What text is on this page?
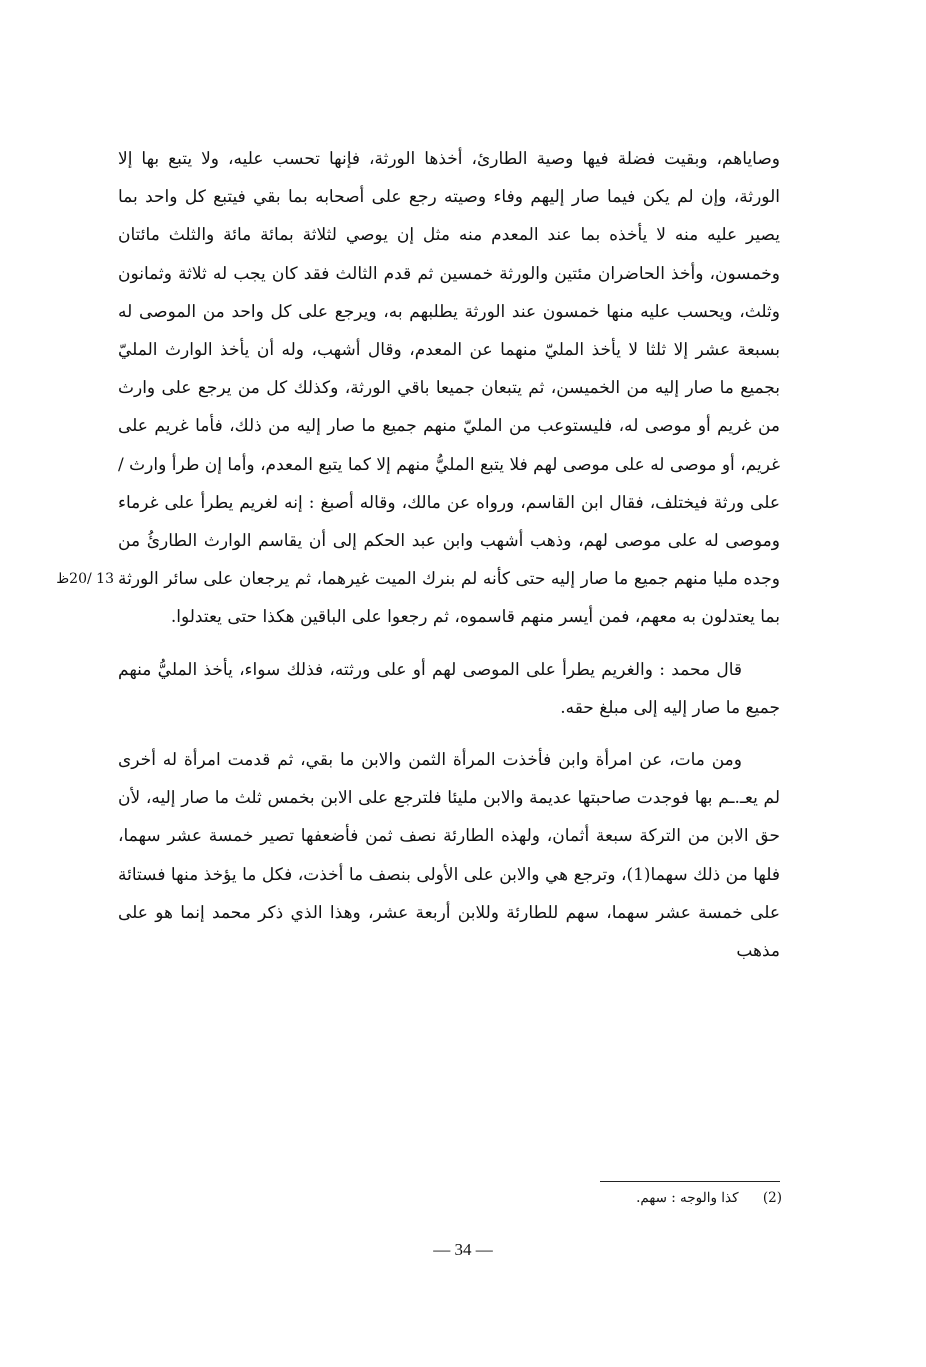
13 /20ظ

وصاياهم، وبقيت فضلة فيها وصية الطارئ، أخذها الورثة، فإنها تحسب عليه، ولا يتبع بها إلا الورثة، وإن لم يكن فيما صار إليهم وفاء وصيته رجع على أصحابه بما بقي فيتبع كل واحد بما يصير عليه منه لا يأخذه بما عند المعدم منه مثل إن يوصي لثلاثة بمائة مائة والثلث مائتان وخمسون، وأخذ الحاضران مئتين والورثة خمسين ثم قدم الثالث فقد كان يجب له ثلاثة وثمانون وثلث، ويحسب عليه منها خمسون عند الورثة يطلبهم به، ويرجع على كل واحد من الموصى له بسبعة عشر إلا ثلثا لا يأخذ المليّ منهما عن المعدم، وقال أشهب، وله أن يأخذ الوارث المليّ بجميع ما صار إليه من الخميسن، ثم يتبعان جميعا باقي الورثة، وكذلك كل من يرجع على وارث من غريم أو موصى له، فليستوعب من المليّ منهم جميع ما صار إليه من ذلك، فأما غريم على غريم، أو موصى له على موصى لهم فلا يتبع المليُّ منهم إلا كما يتبع المعدم، وأما إن طرأ وارث / على ورثة فيختلف، فقال ابن القاسم، ورواه عن مالك، وقاله أصبغ : إنه لغريم يطرأ على غرماء وموصى له على موصى لهم، وذهب أشهب وابن عبد الحكم إلى أن يقاسم الوارث الطارئُ من وجده مليا منهم جميع ما صار إليه حتى كأنه لم بنرك الميت غيرهما، ثم يرجعان على سائر الورثة بما يعتدلون به معهم، فمن أيسر منهم قاسموه، ثم رجعوا على الباقين هكذا حتى يعتدلوا.

قال محمد : والغريم يطرأ على الموصى لهم أو على ورثته، فذلك سواء، يأخذ المليُّ منهم جميع ما صار إليه إلى مبلغ حقه.

ومن مات، عن امرأة وابن فأخذت المرأة الثمن والابن ما بقي، ثم قدمت امرأة له أخرى لم يعـ.ـم بها فوجدت صاحبتها عديمة والابن مليئا فلترجع على الابن بخمس ثلث ما صار إليه، لأن حق الابن من التركة سبعة أثمان، ولهذه الطارئة نصف ثمن فأضعفها تصير خمسة عشر سهما، فلها من ذلك سهما(1)، وترجع هي والابن على الأولى بنصف ما أخذت، فكل ما يؤخذ منها فستائة على خمسة عشر سهما، سهم للطارئة وللابن أربعة عشر، وهذا الذي ذكر محمد إنما هو على مذهب

(2) كذا والوجه : سهم.
— 34 —
